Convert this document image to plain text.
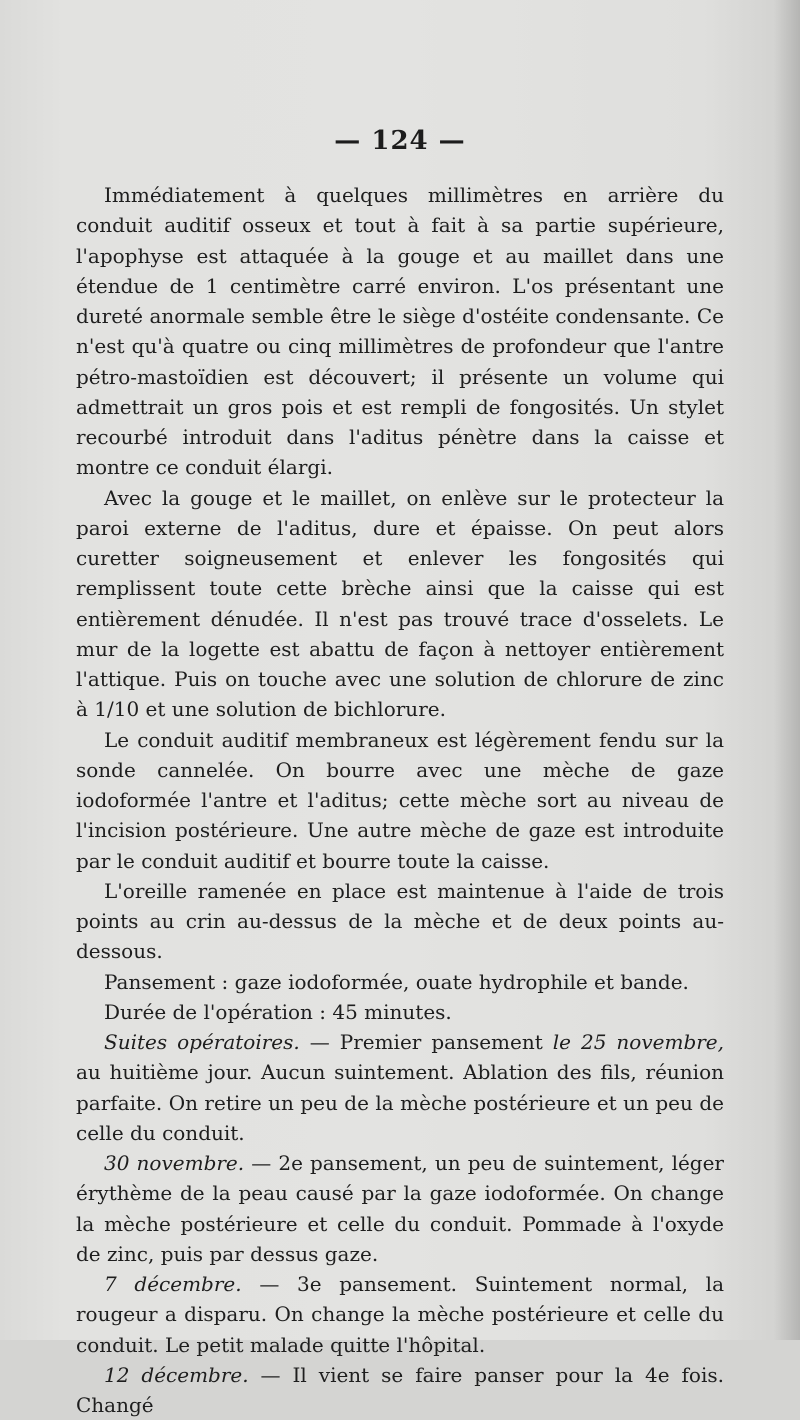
— 124 —

Immédiatement à quelques millimètres en arrière du conduit auditif osseux et tout à fait à sa partie supérieure, l'apophyse est attaquée à la gouge et au maillet dans une étendue de 1 centimètre carré environ. L'os présentant une dureté anormale semble être le siège d'ostéite condensante. Ce n'est qu'à quatre ou cinq millimètres de profondeur que l'antre pétro-mastoïdien est découvert; il présente un volume qui admettrait un gros pois et est rempli de fongosités. Un stylet recourbé introduit dans l'aditus pénètre dans la caisse et montre ce conduit élargi.

Avec la gouge et le maillet, on enlève sur le protecteur la paroi externe de l'aditus, dure et épaisse. On peut alors curetter soigneusement et enlever les fongosités qui remplissent toute cette brèche ainsi que la caisse qui est entièrement dénudée. Il n'est pas trouvé trace d'osselets. Le mur de la logette est abattu de façon à nettoyer entièrement l'attique. Puis on touche avec une solution de chlorure de zinc à 1/10 et une solution de bichlorure.

Le conduit auditif membraneux est légèrement fendu sur la sonde cannelée. On bourre avec une mèche de gaze iodoformée l'antre et l'aditus; cette mèche sort au niveau de l'incision postérieure. Une autre mèche de gaze est introduite par le conduit auditif et bourre toute la caisse.

L'oreille ramenée en place est maintenue à l'aide de trois points au crin au-dessus de la mèche et de deux points au-dessous.

Pansement : gaze iodoformée, ouate hydrophile et bande.

Durée de l'opération : 45 minutes.

Suites opératoires. — Premier pansement le 25 novembre, au huitième jour. Aucun suintement. Ablation des fils, réunion parfaite. On retire un peu de la mèche postérieure et un peu de celle du conduit.

30 novembre. — 2e pansement, un peu de suintement, léger érythème de la peau causé par la gaze iodoformée. On change la mèche postérieure et celle du conduit. Pommade à l'oxyde de zinc, puis par dessus gaze.

7 décembre. — 3e pansement. Suintement normal, la rougeur a disparu. On change la mèche postérieure et celle du conduit. Le petit malade quitte l'hôpital.

12 décembre. — Il vient se faire panser pour la 4e fois. Changé
